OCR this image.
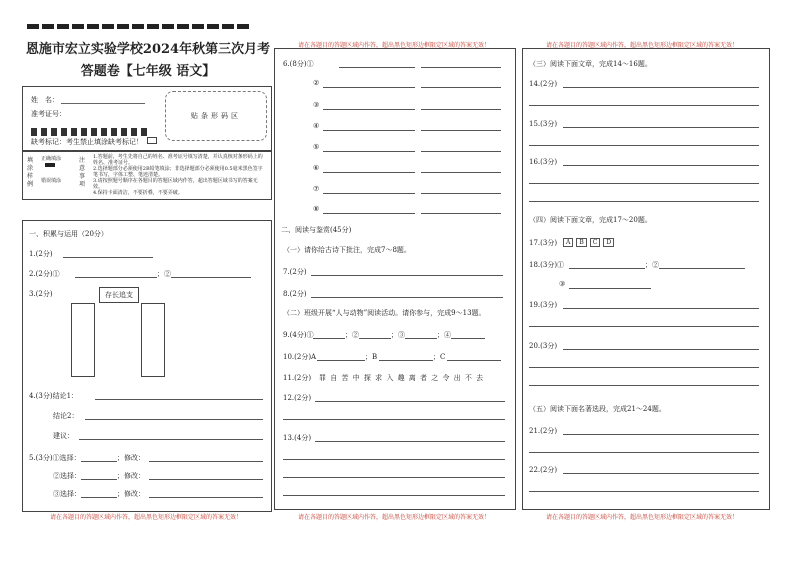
恩施市宏立实验学校2024年秋第三次月考
答题卷【七年级 语文】
姓　名：
准考证号：
缺考标记：考生禁止填涂缺考标记！
贴条形码区
填涂样例
正确填涂
错误填涂
注意事项
1.答题前，考生先将自己的姓名、准考证号填写清楚，并认真核对条形码上的姓名、准考证号。
2.选择题部分必须使用2B铅笔填涂；非选择题部分必须使用0.5毫米黑色签字笔书写，字体工整、笔迹清楚。
3.请按照题号顺序在各题目的答题区域内作答，超出答题区域书写的答案无效。
4.保持卡面清洁，不要折叠，不要弄破。
一、积累与运用（20分）
1.(2分)
2.(2分)①	；②
3.(2分)	存长追支
4.(3分)结论1：
结论2：
建议：
5.(3分)①选择：	；修改：
②选择：	；修改：
③选择：	；修改：
请在各题目的答题区域内作答，超出黑色矩形边框限定区域的答案无效！
请在各题目的答题区域内作答，超出黑色矩形边框限定区域的答案无效！
6.(8分)①
②
③
④
⑤
⑥
⑦
⑧
二、阅读与鉴赏(45分)
（一）请你给古诗下批注，完成7～8题。
7.(2分)
8.(2分)
（二）班级开展“人与动物”阅读活动。请你参与，完成9～13题。
9.(4分)①	；②	；③	；④
10.(2分)A	；B	；C
11.(2分) 罪 自 苦 中 探 求 入 趣 离 者 之 令 出 不 去
12.(2分)
13.(4分)
请在各题目的答题区域内作答，超出黑色矩形边框限定区域的答案无效！
请在各题目的答题区域内作答，超出黑色矩形边框限定区域的答案无效！
（三）阅读下面文章，完成14～16题。
14.(2分)
15.(3分)
16.(3分)
（四）阅读下面文章，完成17～20题。
17.(3分)	A B C D
18.(3分)①	；②
③
19.(3分)
20.(3分)
（五）阅读下面名著选段，完成21～24题。
21.(2分)
22.(2分)
请在各题目的答题区域内作答，超出黑色矩形边框限定区域的答案无效！
